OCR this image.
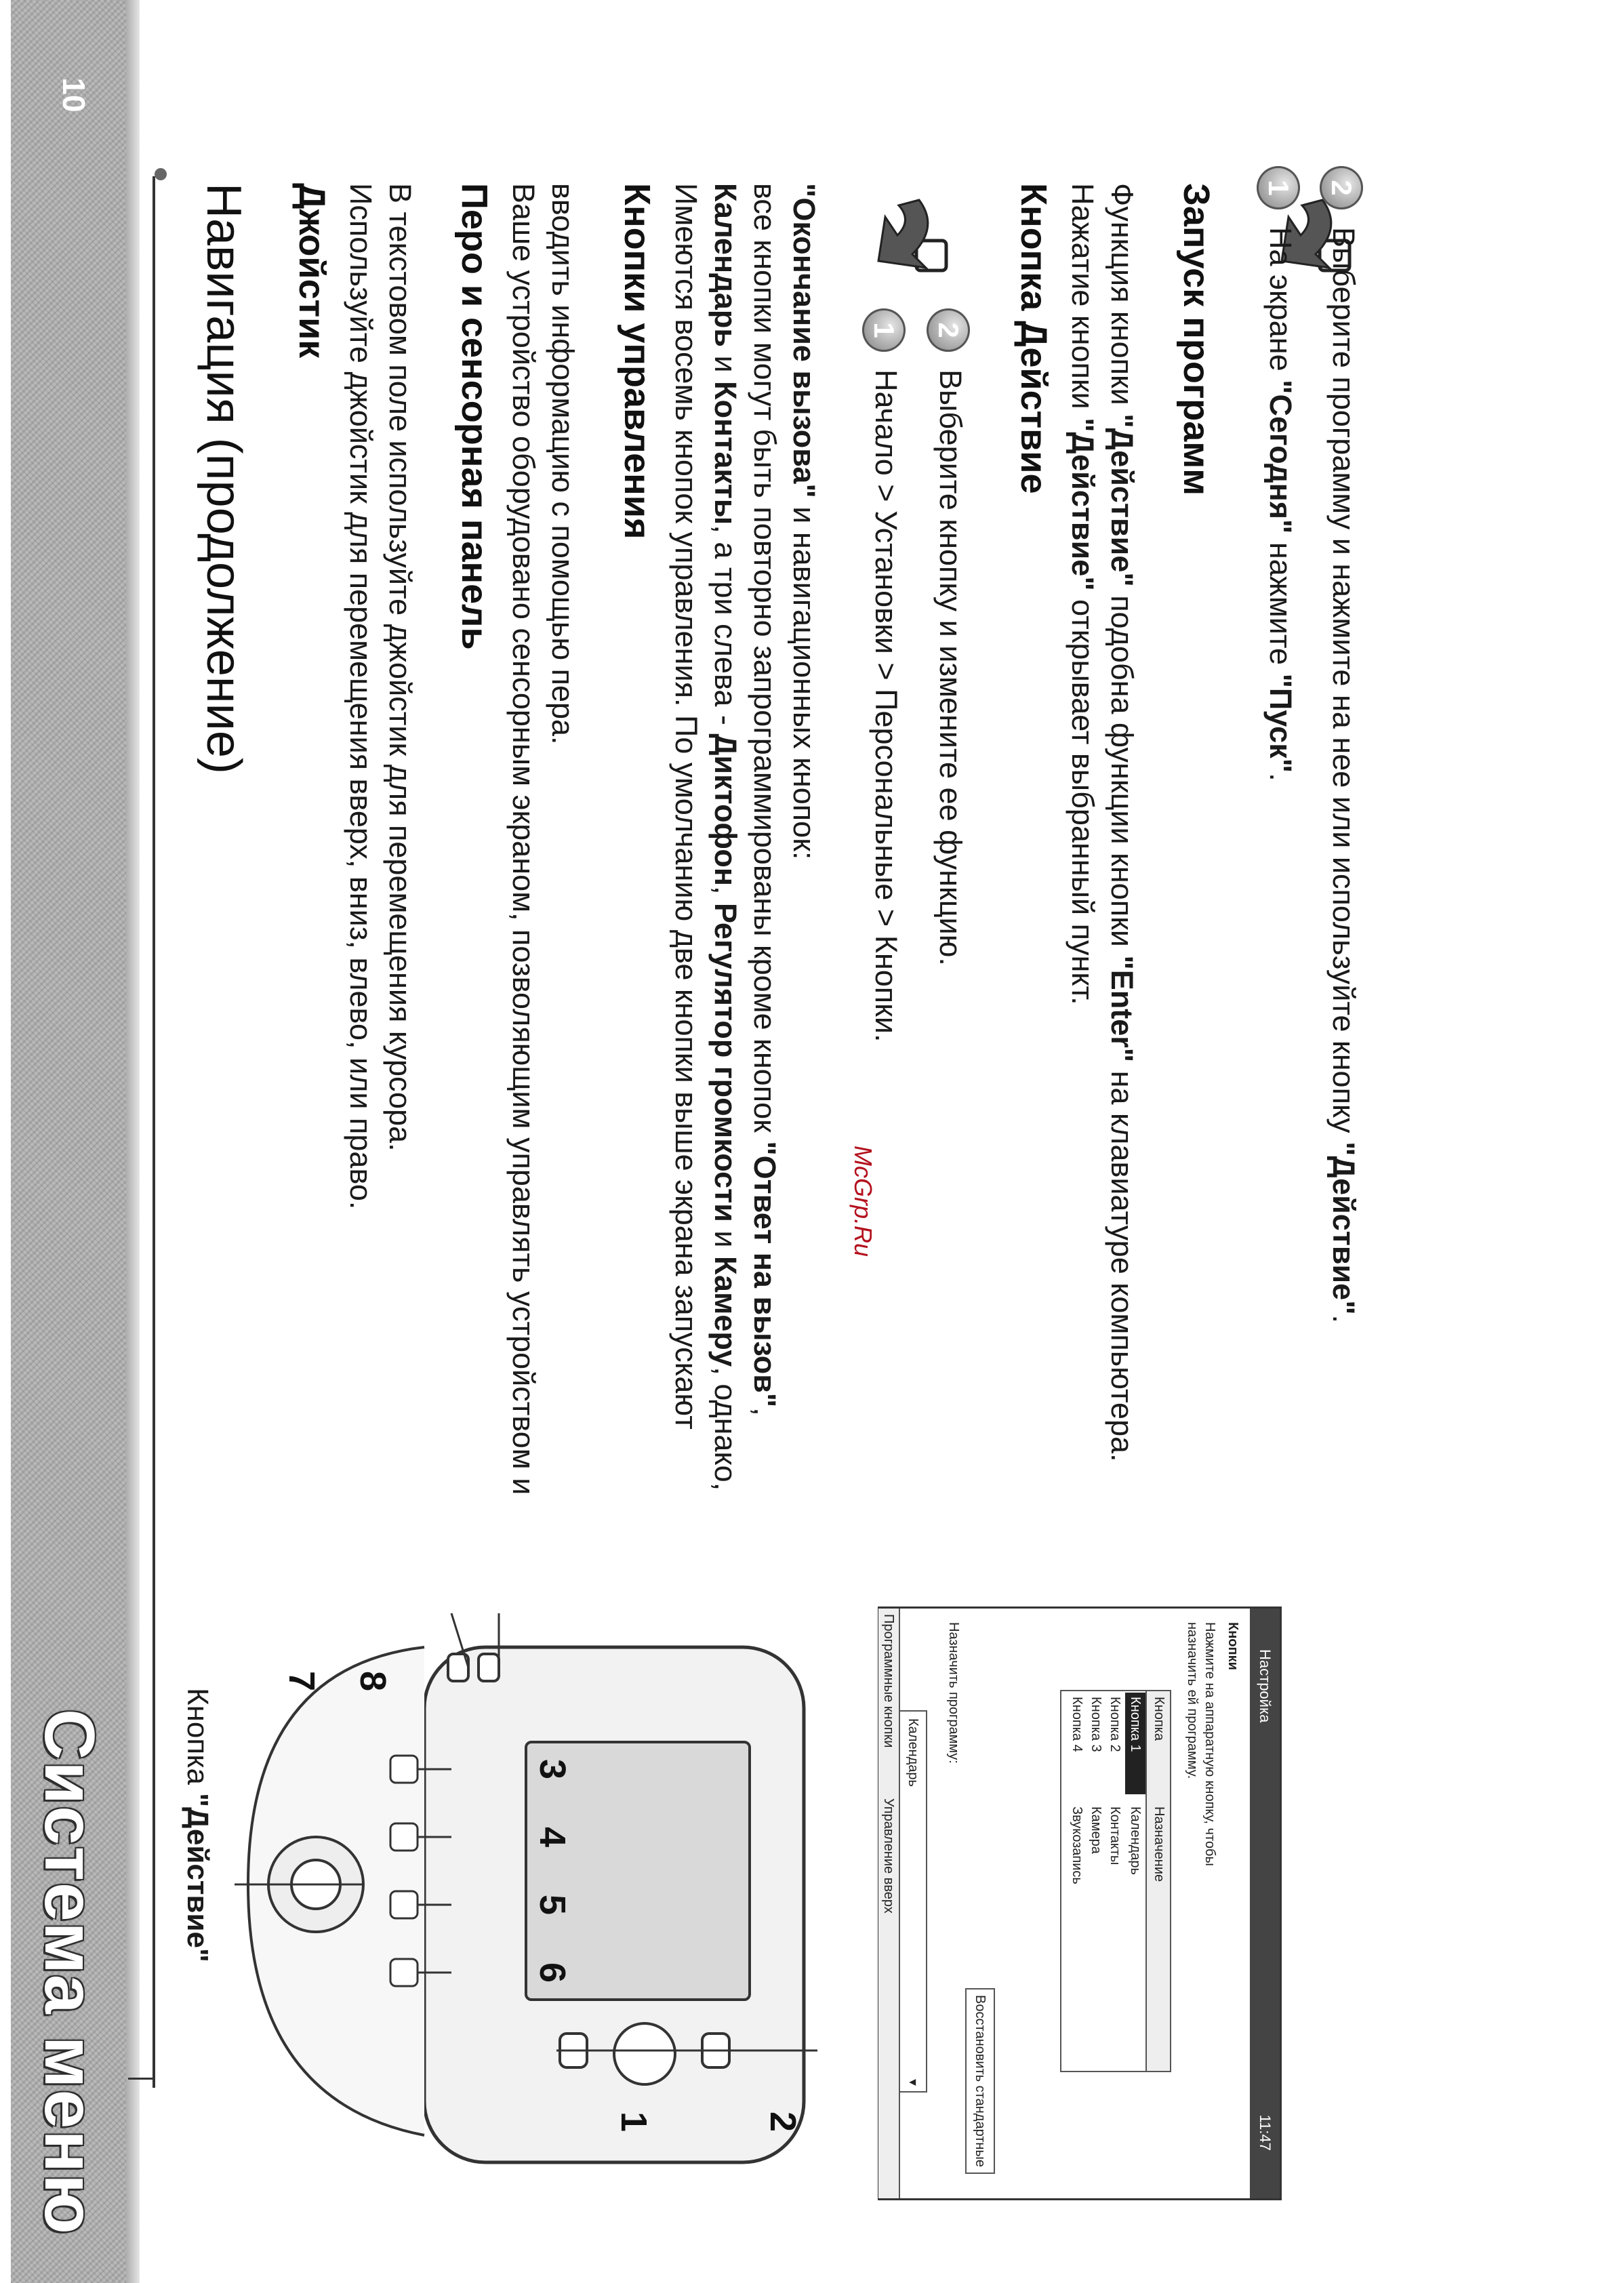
10
Система меню
Навигация (продолжение) Джойстик Используйте джойстик для перемещения вверх, вниз, влево, или право. В текстовом поле используйте джойстик для перемещения курсора. Перо и сенсорная панель Ваше устройство оборудовано сенсорным экраном, позволяющим управлять устройством и вводить информацию с помощью пера. Кнопки управления Имеются восемь кнопок управления. По умолчанию две кнопки выше экрана запускают Календарь и Контакты, а три слева - Диктофон, Регулятор громкости и Камеру, однако,
все кнопки могут быть повторно запрограммированы кроме кнопок "Ответ на вызов",
"Окончание вызова" и навигационных кнопок:
1
Начало > Установки > Персональные > Кнопки.
2
Выберите кнопку и измените ее функцию.
McGrp.Ru
Кнопка Действие Нажатие кнопки "Действие" открывает выбранный пункт.
Функция кнопки "Действие" подобна функции кнопки "Enter" на клавиатуре компьютера.
Запуск программ 1
На экране "Сегодня" нажмите "Пуск".
2
Выберите программу и нажмите на нее или используйте кнопку "Действие".
Настройка
11:47
Кнопки
Нажмите на аппаратную кнопку, чтобы
назначить ей программу.
Кнопка
Назначение
Кнопка 1
Календарь
Кнопка 2
Контакты
Кнопка 3
Камера
Кнопка 4
Звукозапись
Восстановить стандартные
Назначить программу:
Календарь
▾
Программные кнопки
Управление вверх
1	2
3
4
5
6
7 8
Кнопка "Действие"
